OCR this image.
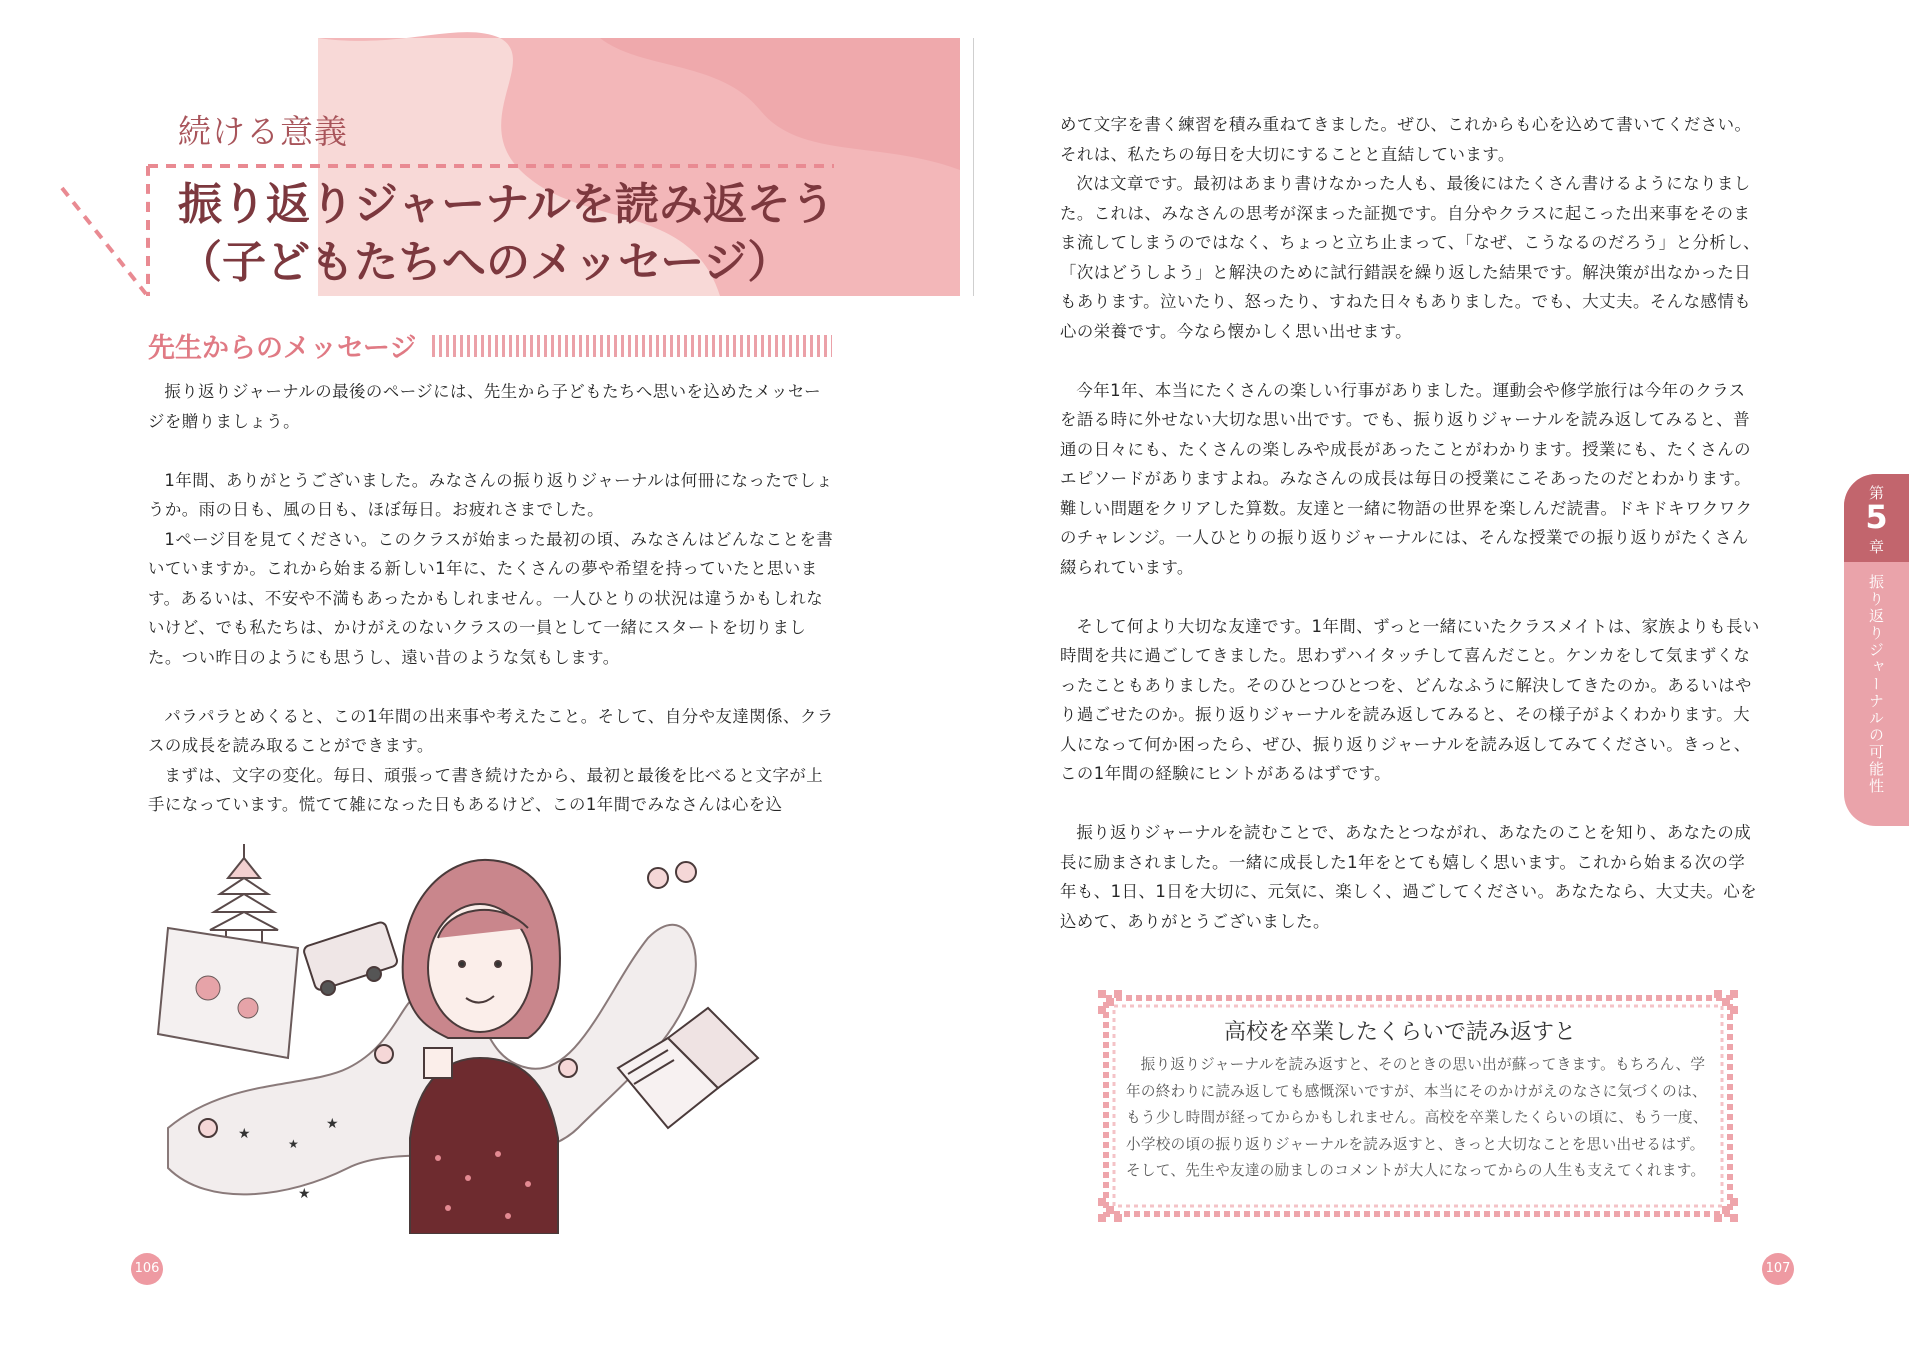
続ける意義
振り返りジャーナルを読み返そう
（子どもたちへのメッセージ）
先生からのメッセージ

振り返りジャーナルの最後のページには、先生から子どもたちへ思いを込めたメッセージを贈りましょう。

1年間、ありがとうございました。みなさんの振り返りジャーナルは何冊になったでしょうか。雨の日も、風の日も、ほぼ毎日。お疲れさまでした。

1ページ目を見てください。このクラスが始まった最初の頃、みなさんはどんなことを書いていますか。これから始まる新しい1年に、たくさんの夢や希望を持っていたと思います。あるいは、不安や不満もあったかもしれません。一人ひとりの状況は違うかもしれないけど、でも私たちは、かけがえのないクラスの一員として一緒にスタートを切りました。つい昨日のようにも思うし、遠い昔のような気もします。

パラパラとめくると、この1年間の出来事や考えたこと。そして、自分や友達関係、クラスの成長を読み取ることができます。

まずは、文字の変化。毎日、頑張って書き続けたから、最初と最後を比べると文字が上手になっています。慌てて雑になった日もあるけど、この1年間でみなさんは心を込

★
★
★
★
106

めて文字を書く練習を積み重ねてきました。ぜひ、これからも心を込めて書いてください。それは、私たちの毎日を大切にすることと直結しています。

次は文章です。最初はあまり書けなかった人も、最後にはたくさん書けるようになりました。これは、みなさんの思考が深まった証拠です。自分やクラスに起こった出来事をそのまま流してしまうのではなく、ちょっと立ち止まって、「なぜ、こうなるのだろう」と分析し、「次はどうしよう」と解決のために試行錯誤を繰り返した結果です。解決策が出なかった日もあります。泣いたり、怒ったり、すねた日々もありました。でも、大丈夫。そんな感情も心の栄養です。今なら懐かしく思い出せます。

今年1年、本当にたくさんの楽しい行事がありました。運動会や修学旅行は今年のクラスを語る時に外せない大切な思い出です。でも、振り返りジャーナルを読み返してみると、普通の日々にも、たくさんの楽しみや成長があったことがわかります。授業にも、たくさんのエピソードがありますよね。みなさんの成長は毎日の授業にこそあったのだとわかります。難しい問題をクリアした算数。友達と一緒に物語の世界を楽しんだ読書。ドキドキワクワクのチャレンジ。一人ひとりの振り返りジャーナルには、そんな授業での振り返りがたくさん綴られています。

そして何より大切な友達です。1年間、ずっと一緒にいたクラスメイトは、家族よりも長い時間を共に過ごしてきました。思わずハイタッチして喜んだこと。ケンカをして気まずくなったこともありました。そのひとつひとつを、どんなふうに解決してきたのか。あるいはやり過ごせたのか。振り返りジャーナルを読み返してみると、その様子がよくわかります。大人になって何か困ったら、ぜひ、振り返りジャーナルを読み返してみてください。きっと、この1年間の経験にヒントがあるはずです。

振り返りジャーナルを読むことで、あなたとつながれ、あなたのことを知り、あなたの成長に励まされました。一緒に成長した1年をとても嬉しく思います。これから始まる次の学年も、1日、1日を大切に、元気に、楽しく、過ごしてください。あなたなら、大丈夫。心を込めて、ありがとうございました。

高校を卒業したくらいで読み返すと

振り返りジャーナルを読み返すと、そのときの思い出が蘇ってきます。もちろん、学年の終わりに読み返しても感慨深いですが、本当にそのかけがえのなさに気づくのは、もう少し時間が経ってからかもしれません。高校を卒業したくらいの頃に、もう一度、小学校の頃の振り返りジャーナルを読み返すと、きっと大切なことを思い出せるはず。そして、先生や友達の励ましのコメントが大人になってからの人生も支えてくれます。

第
5
章
振り返りジャーナルの可能性
107
